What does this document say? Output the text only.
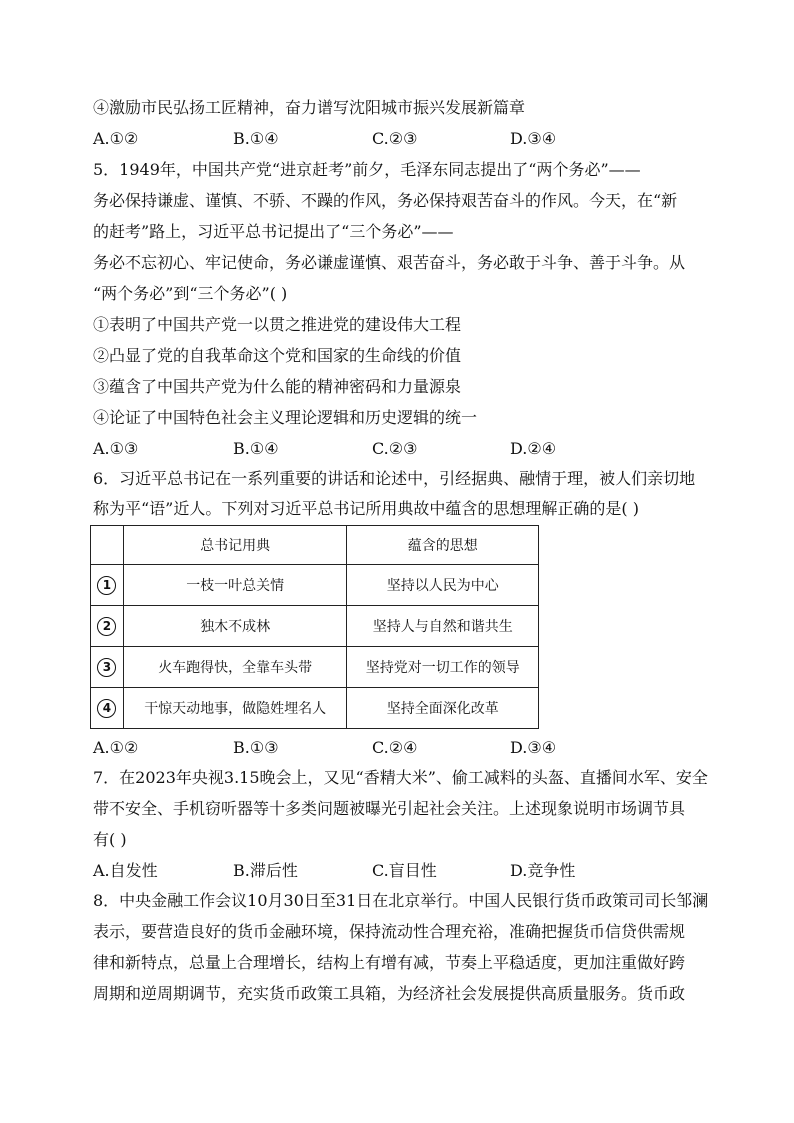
④激励市民弘扬工匠精神，奋力谱写沈阳城市振兴发展新篇章
A.①②	B.①④	C.②③	D.③④
5．1949年，中国共产党“进京赶考”前夕，毛泽东同志提出了“两个务必”——
务必保持谦虚、谨慎、不骄、不躁的作风，务必保持艰苦奋斗的作风。今天，在“新
的赶考”路上，习近平总书记提出了“三个务必”——
务必不忘初心、牢记使命，务必谦虚谨慎、艰苦奋斗，务必敢于斗争、善于斗争。从
“两个务必”到“三个务必”( )
①表明了中国共产党一以贯之推进党的建设伟大工程
②凸显了党的自我革命这个党和国家的生命线的价值
③蕴含了中国共产党为什么能的精神密码和力量源泉
④论证了中国特色社会主义理论逻辑和历史逻辑的统一
A.①③	B.①④	C.②③	D.②④
6．习近平总书记在一系列重要的讲话和论述中，引经据典、融情于理，被人们亲切地
称为平“语”近人。下列对习近平总书记所用典故中蕴含的思想理解正确的是( )
	总书记用典	蕴含的思想
1	一枝一叶总关情	坚持以人民为中心
2	独木不成林	坚持人与自然和谐共生
3	火车跑得快，全靠车头带	坚持党对一切工作的领导
4	干惊天动地事，做隐姓埋名人	坚持全面深化改革
A.①②	B.①③	C.②④	D.③④
7．在2023年央视3.15晚会上，又见“香精大米”、偷工减料的头盔、直播间水军、安全
带不安全、手机窃听器等十多类问题被曝光引起社会关注。上述现象说明市场调节具
有( )
A.自发性	B.滞后性	C.盲目性	D.竞争性
8．中央金融工作会议10月30日至31日在北京举行。中国人民银行货币政策司司长邹澜
表示，要营造良好的货币金融环境，保持流动性合理充裕，准确把握货币信贷供需规
律和新特点，总量上合理增长，结构上有增有减，节奏上平稳适度，更加注重做好跨
周期和逆周期调节，充实货币政策工具箱，为经济社会发展提供高质量服务。货币政
